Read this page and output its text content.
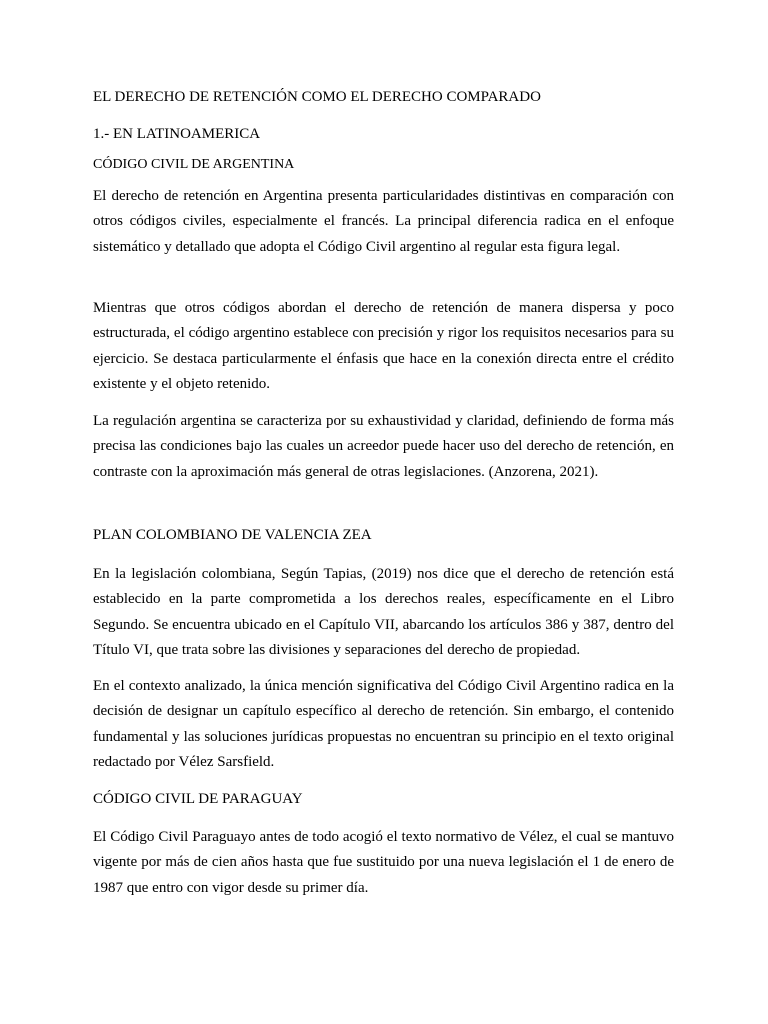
EL DERECHO DE RETENCIÓN COMO EL DERECHO COMPARADO
1.- EN LATINOAMERICA
CÓDIGO CIVIL DE ARGENTINA

El derecho de retención en Argentina presenta particularidades distintivas en comparación con otros códigos civiles, especialmente el francés. La principal diferencia radica en el enfoque sistemático y detallado que adopta el Código Civil argentino al regular esta figura legal.

Mientras que otros códigos abordan el derecho de retención de manera dispersa y poco estructurada, el código argentino establece con precisión y rigor los requisitos necesarios para su ejercicio. Se destaca particularmente el énfasis que hace en la conexión directa entre el crédito existente y el objeto retenido.

La regulación argentina se caracteriza por su exhaustividad y claridad, definiendo de forma más precisa las condiciones bajo las cuales un acreedor puede hacer uso del derecho de retención, en contraste con la aproximación más general de otras legislaciones. (Anzorena, 2021).

PLAN COLOMBIANO DE VALENCIA ZEA

En la legislación colombiana, Según Tapias, (2019) nos dice que el derecho de retención está establecido en la parte comprometida a los derechos reales, específicamente en el Libro Segundo. Se encuentra ubicado en el Capítulo VII, abarcando los artículos 386 y 387, dentro del Título VI, que trata sobre las divisiones y separaciones del derecho de propiedad.

En el contexto analizado, la única mención significativa del Código Civil Argentino radica en la decisión de designar un capítulo específico al derecho de retención. Sin embargo, el contenido fundamental y las soluciones jurídicas propuestas no encuentran su principio en el texto original redactado por Vélez Sarsfield.

CÓDIGO CIVIL DE PARAGUAY

El Código Civil Paraguayo antes de todo acogió el texto normativo de Vélez, el cual se mantuvo vigente por más de cien años hasta que fue sustituido por una nueva legislación el 1 de enero de 1987 que entro con vigor desde su primer día.
